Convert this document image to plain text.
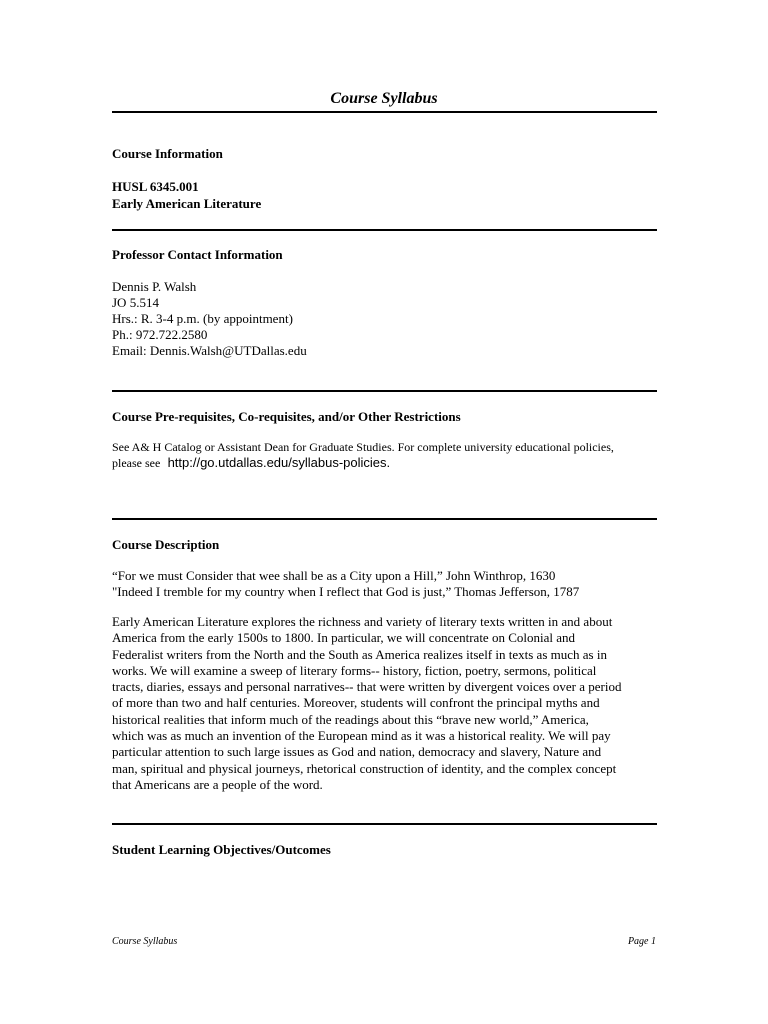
Course Syllabus
Course Information
HUSL 6345.001
Early American Literature
Professor Contact Information
Dennis P. Walsh
JO 5.514
Hrs.: R. 3-4 p.m. (by appointment)
Ph.: 972.722.2580
Email: Dennis.Walsh@UTDallas.edu
Course Pre-requisites, Co-requisites, and/or Other Restrictions
See A& H Catalog or Assistant Dean for Graduate Studies. For complete university educational policies,
please see http://go.utdallas.edu/syllabus-policies.
Course Description
“For we must Consider that wee shall be as a City upon a Hill,” John Winthrop, 1630
"Indeed I tremble for my country when I reflect that God is just,” Thomas Jefferson, 1787
Early American Literature explores the richness and variety of literary texts written in and about
America from the early 1500s to 1800. In particular, we will concentrate on Colonial and
Federalist writers from the North and the South as America realizes itself in texts as much as in
works. We will examine a sweep of literary forms-- history, fiction, poetry, sermons, political
tracts, diaries, essays and personal narratives-- that were written by divergent voices over a period
of more than two and half centuries. Moreover, students will confront the principal myths and
historical realities that inform much of the readings about this “brave new world,” America,
which was as much an invention of the European mind as it was a historical reality. We will pay
particular attention to such large issues as God and nation, democracy and slavery, Nature and
man, spiritual and physical journeys, rhetorical construction of identity, and the complex concept
that Americans are a people of the word.
Student Learning Objectives/Outcomes
Course Syllabus	Page 1
